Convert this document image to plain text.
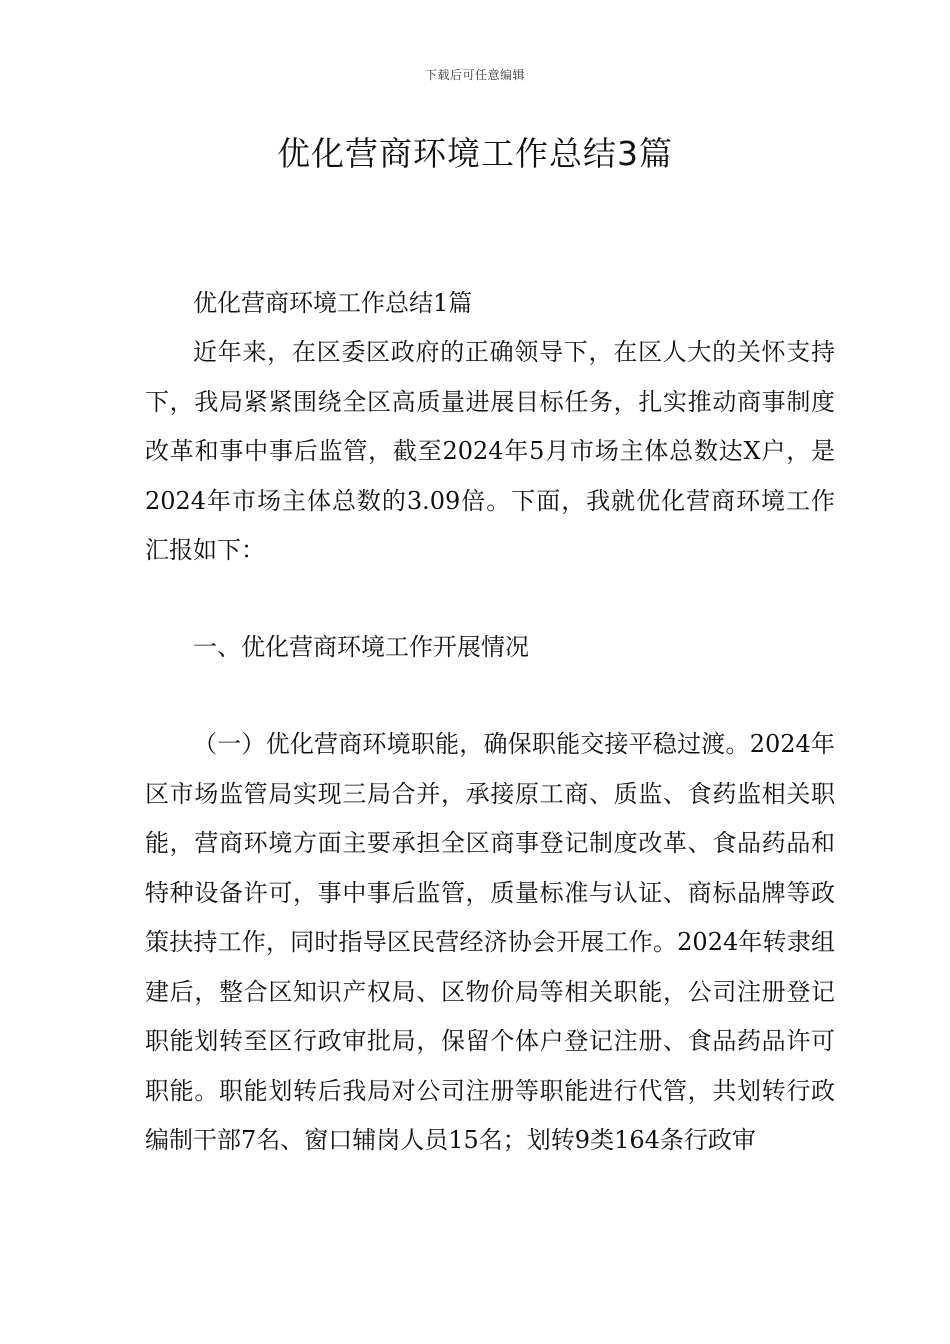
下载后可任意编辑
优化营商环境工作总结3篇

优化营商环境工作总结1篇

近年来，在区委区政府的正确领导下，在区人大的关怀支持下，我局紧紧围绕全区高质量进展目标任务，扎实推动商事制度改革和事中事后监管，截至2024年5月市场主体总数达X户，是2024年市场主体总数的3.09倍。下面，我就优化营商环境工作汇报如下：

一、优化营商环境工作开展情况

（一）优化营商环境职能，确保职能交接平稳过渡。2024年区市场监管局实现三局合并，承接原工商、质监、食药监相关职能，营商环境方面主要承担全区商事登记制度改革、食品药品和特种设备许可，事中事后监管，质量标准与认证、商标品牌等政策扶持工作，同时指导区民营经济协会开展工作。2024年转隶组建后，整合区知识产权局、区物价局等相关职能，公司注册登记职能划转至区行政审批局，保留个体户登记注册、食品药品许可职能。职能划转后我局对公司注册等职能进行代管，共划转行政编制干部7名、窗口辅岗人员15名；划转9类164条行政审
